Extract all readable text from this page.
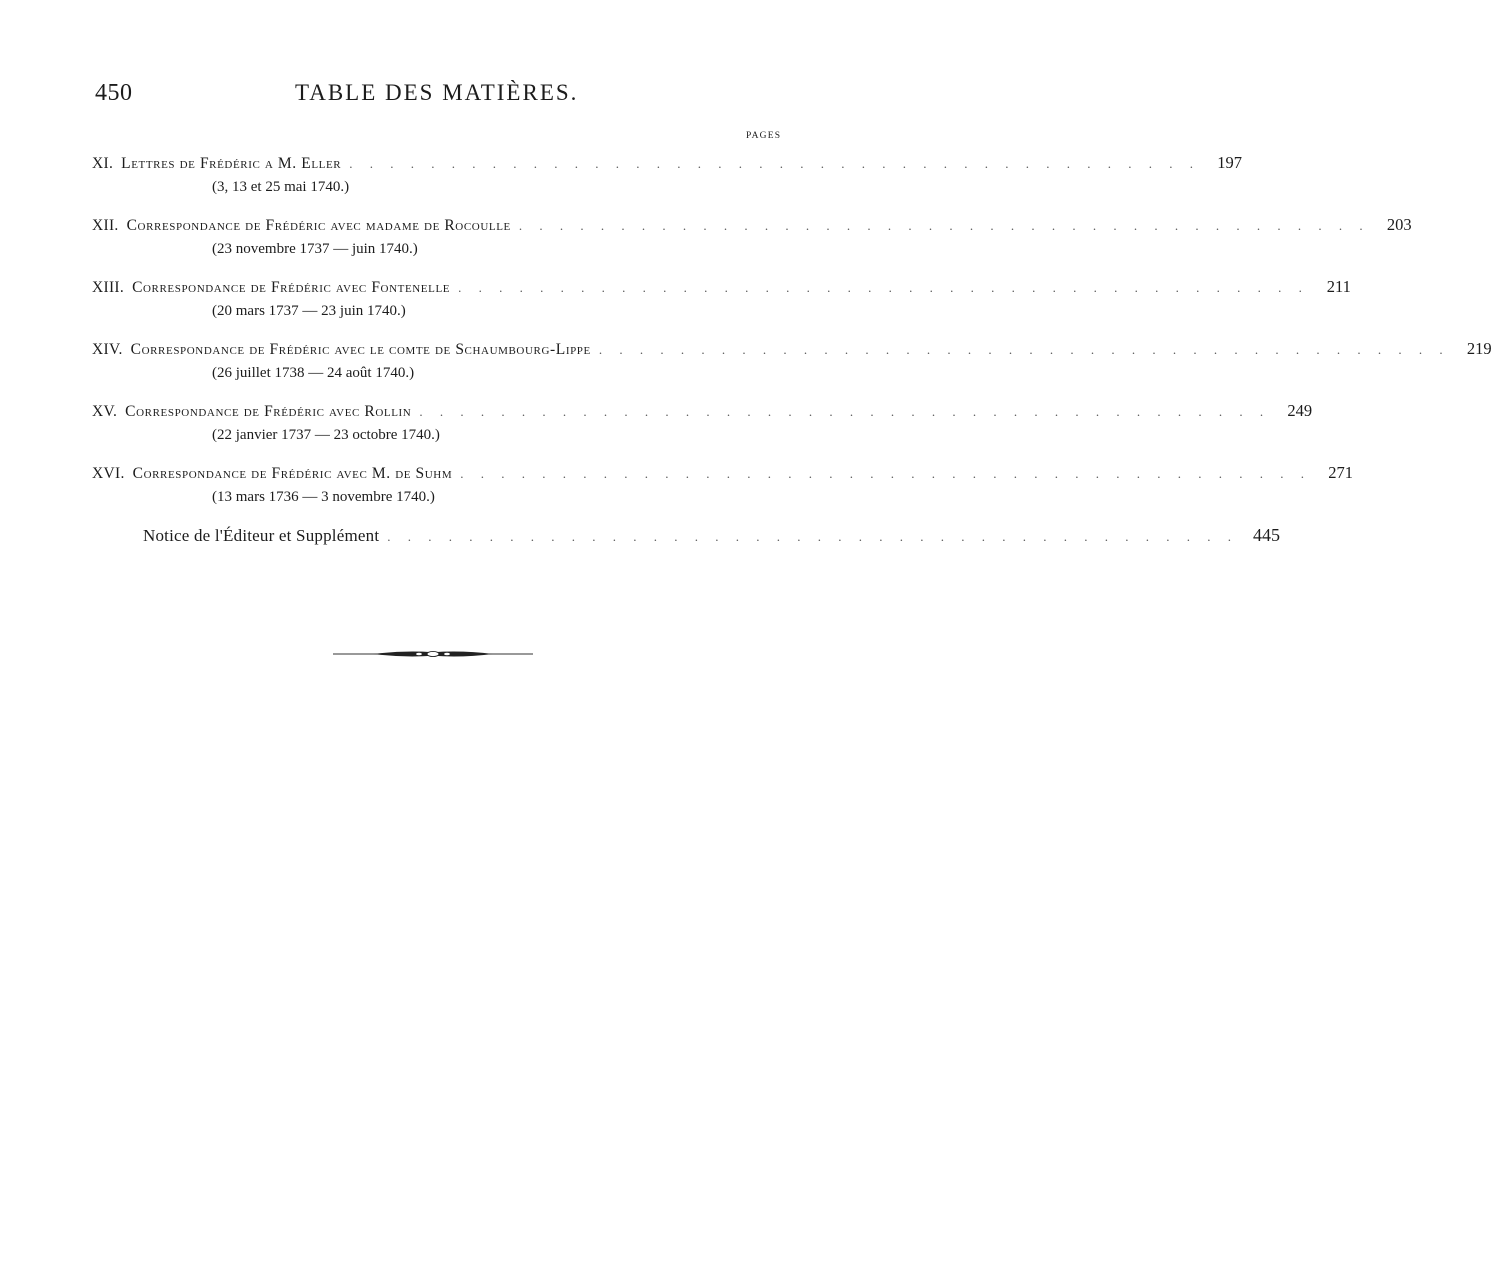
450	TABLE DES MATIÈRES.
PAGES
XI. Lettres de Frédéric a M. Eller . . . . . . . . . . . . . . . . . . . . . . . . . . . . . . . . . . . . . . . . . .	197
(3, 13 et 25 mai 1740.)
XII. Correspondance de Frédéric avec madame de Rocoulle . . . . . . . . . . . . . . . . . . . . . . . . . . . . . . . . . . . . . . . . . .	203
(23 novembre 1737 — juin 1740.)
XIII. Correspondance de Frédéric avec Fontenelle . . . . . . . . . . . . . . . . . . . . . . . . . . . . . . . . . . . . . . . . . .	211
(20 mars 1737 — 23 juin 1740.)
XIV. Correspondance de Frédéric avec le comte de Schaumbourg-Lippe . . . . . . . . . . . . . . . . . . . . . . . . . . . . . . . . . . . . . . . . . .	219
(26 juillet 1738 — 24 août 1740.)
XV. Correspondance de Frédéric avec Rollin . . . . . . . . . . . . . . . . . . . . . . . . . . . . . . . . . . . . . . . . . .	249
(22 janvier 1737 — 23 octobre 1740.)
XVI. Correspondance de Frédéric avec M. de Suhm . . . . . . . . . . . . . . . . . . . . . . . . . . . . . . . . . . . . . . . . . .	271
(13 mars 1736 — 3 novembre 1740.)
Notice de l'Éditeur et Supplément . . . . . . . . . . . . . . . . . . . . . . . . . . . . . . . . . . . . . . . . . . 445
